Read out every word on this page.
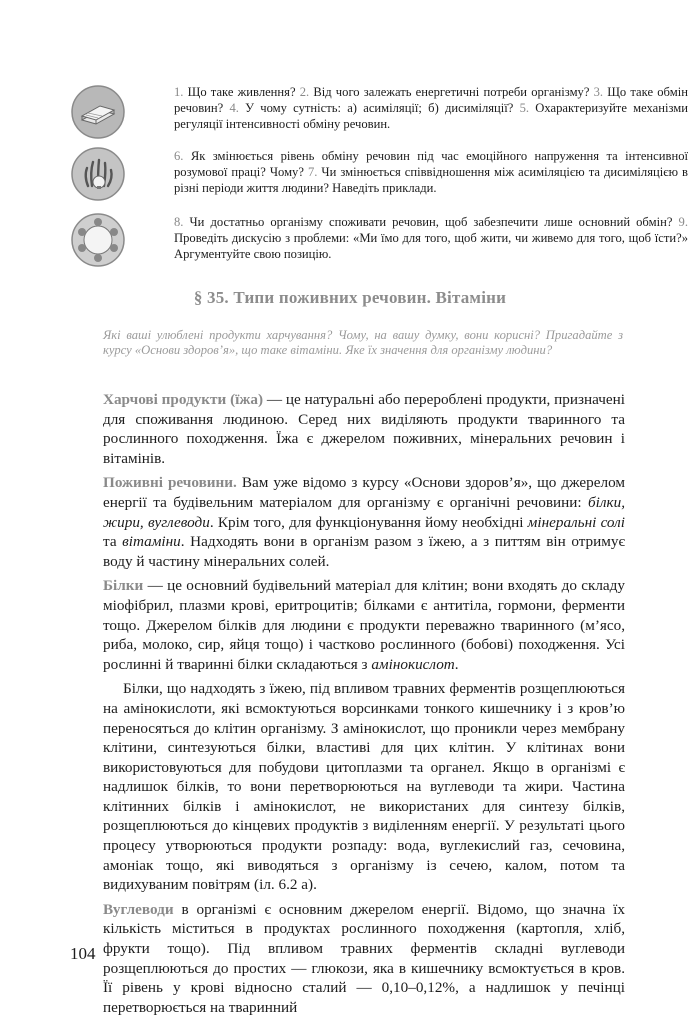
1. Що таке живлення? 2. Від чого залежать енергетичні потреби організму? 3. Що таке обмін речовин? 4. У чому сутність: а) асиміляції; б) дисиміляції? 5. Охарактеризуйте механізми регуляції інтенсивності обміну речовин.
6. Як змінюється рівень обміну речовин під час емоційного напруження та інтенсивної розумової праці? Чому? 7. Чи змінюється співвідношення між асиміляцією та дисиміляцією в різні періоди життя людини? Наведіть приклади.
8. Чи достатньо організму споживати речовин, щоб забезпечити лише основний обмін? 9. Проведіть дискусію з проблеми: «Ми їмо для того, щоб жити, чи живемо для того, щоб їсти?» Аргументуйте свою позицію.
§ 35. Типи поживних речовин. Вітаміни
Які ваші улюблені продукти харчування? Чому, на вашу думку, вони корисні? Пригадайте з курсу «Основи здоров’я», що таке вітаміни. Яке їх значення для організму людини?

Харчові продукти (їжа) — це натуральні або перероблені продукти, призначені для споживання людиною. Серед них виділяють продукти тваринного та рослинного походження. Їжа є джерелом поживних, мінеральних речовин і вітамінів.

Поживні речовини. Вам уже відомо з курсу «Основи здоров’я», що джерелом енергії та будівельним матеріалом для організму є органічні речовини: білки, жири, вуглеводи. Крім того, для функціонування йому необхідні мінеральні солі та вітаміни. Надходять вони в організм разом з їжею, а з питтям він отримує воду й частину мінеральних солей.

Білки — це основний будівельний матеріал для клітин; вони входять до складу міофібрил, плазми крові, еритроцитів; білками є антитіла, гормони, ферменти тощо. Джерелом білків для людини є продукти переважно тваринного (м’ясо, риба, молоко, сир, яйця тощо) і частково рослинного (бобові) походження. Усі рослинні й тваринні білки складаються з амінокислот.

Білки, що надходять з їжею, під впливом травних ферментів розщеплюються на амінокислоти, які всмоктуються ворсинками тонкого кишечнику і з кров’ю переносяться до клітин організму. З амінокислот, що проникли через мембрану клітини, синтезуються білки, властиві для цих клітин. У клітинах вони використовуються для побудови цитоплазми та органел. Якщо в організмі є надлишок білків, то вони перетворюються на вуглеводи та жири. Частина клітинних білків і амінокислот, не використаних для синтезу білків, розщеплюються до кінцевих продуктів з виділенням енергії. У результаті цього процесу утворюються продукти розпаду: вода, вуглекислий газ, сечовина, амоніак тощо, які виводяться з організму із сечею, калом, потом та видихуваним повітрям (іл. 6.2 а).

Вуглеводи в організмі є основним джерелом енергії. Відомо, що значна їх кількість міститься в продуктах рослинного походження (картопля, хліб, фрукти тощо). Під впливом травних ферментів складні вуглеводи розщеплюються до простих — глюкози, яка в кишечнику всмоктується в кров. Її рівень у крові відносно сталий — 0,10–0,12%, а надлишок у печінці перетворюється на тваринний

104
